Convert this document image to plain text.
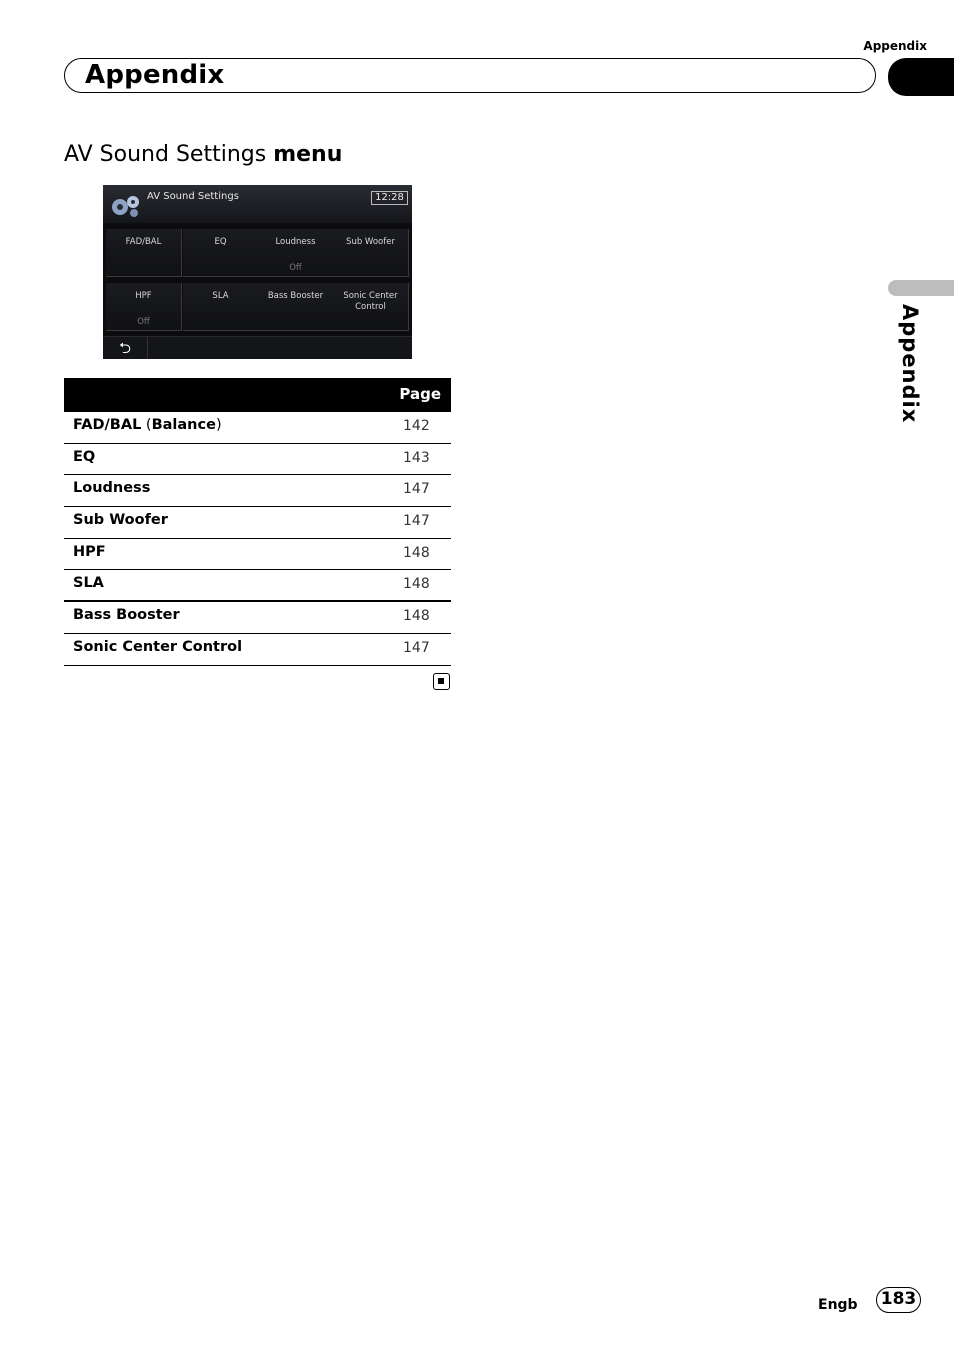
Appendix
Appendix
AV Sound Settings menu
AV Sound Settings	12:28
FAD/BAL	EQ	Loudness
Off
Sub Woofer
HPF
Off
SLA	Bass Booster	Sonic Center
Control
⮌
Page
FAD/BAL (Balance)	142
EQ	143
Loudness	147
Sub Woofer	147
HPF	148
SLA	148
Bass Booster	148
Sonic Center Control	147
Appendix
Engb 183
